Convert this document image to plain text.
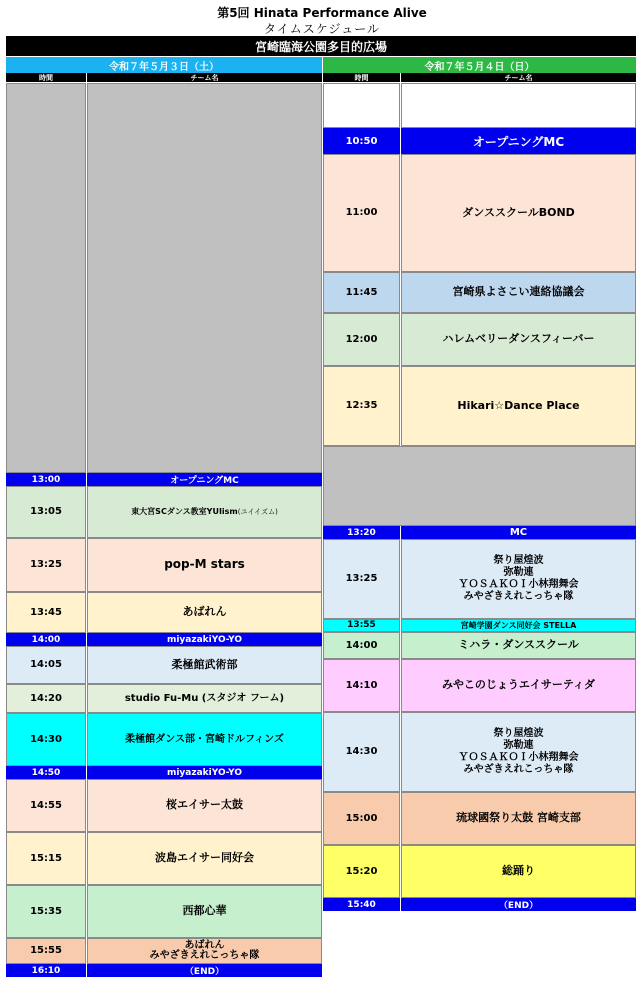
第5回 Hinata Performance Alive
タイムスケジュール
宮崎臨海公園多目的広場
令和７年５月３日（土）	令和７年５月４日（日）
時間	チーム名	時間	チーム名
13:00	オープニングMC
13:05	東大宮SCダンス教室YUIism (ユイイズム)
13:25	pop-M stars
13:45	あばれん
14:00	miyazakiYO-YO
14:05	柔極館武術部
14:20	studio Fu-Mu (スタジオ フーム)
14:30	柔極館ダンス部・宮崎ドルフィンズ
14:50	miyazakiYO-YO
14:55	桜エイサー太鼓
15:15	波島エイサー同好会
15:35	西都心華
15:55
あばれん
みやざきえれこっちゃ隊
16:10	（END）
10:50	オープニングMC
11:00	ダンススクールBOND
11:45	宮崎県よさこい連絡協議会
12:00	ハレムベリーダンスフィーバー
12:35	Hikari☆Dance Place
13:20	MC
13:25
祭り屋煌波
弥勒連
ＹＯＳＡＫＯＩ小林翔舞会
みやざきえれこっちゃ隊
13:55	宮崎学園ダンス同好会 STELLA
14:00	ミハラ・ダンススクール
14:10	みやこのじょうエイサーティダ
14:30
祭り屋煌波
弥勒連
ＹＯＳＡＫＯＩ小林翔舞会
みやざきえれこっちゃ隊
15:00	琉球國祭り太鼓 宮崎支部
15:20	総踊り
15:40	（END）
